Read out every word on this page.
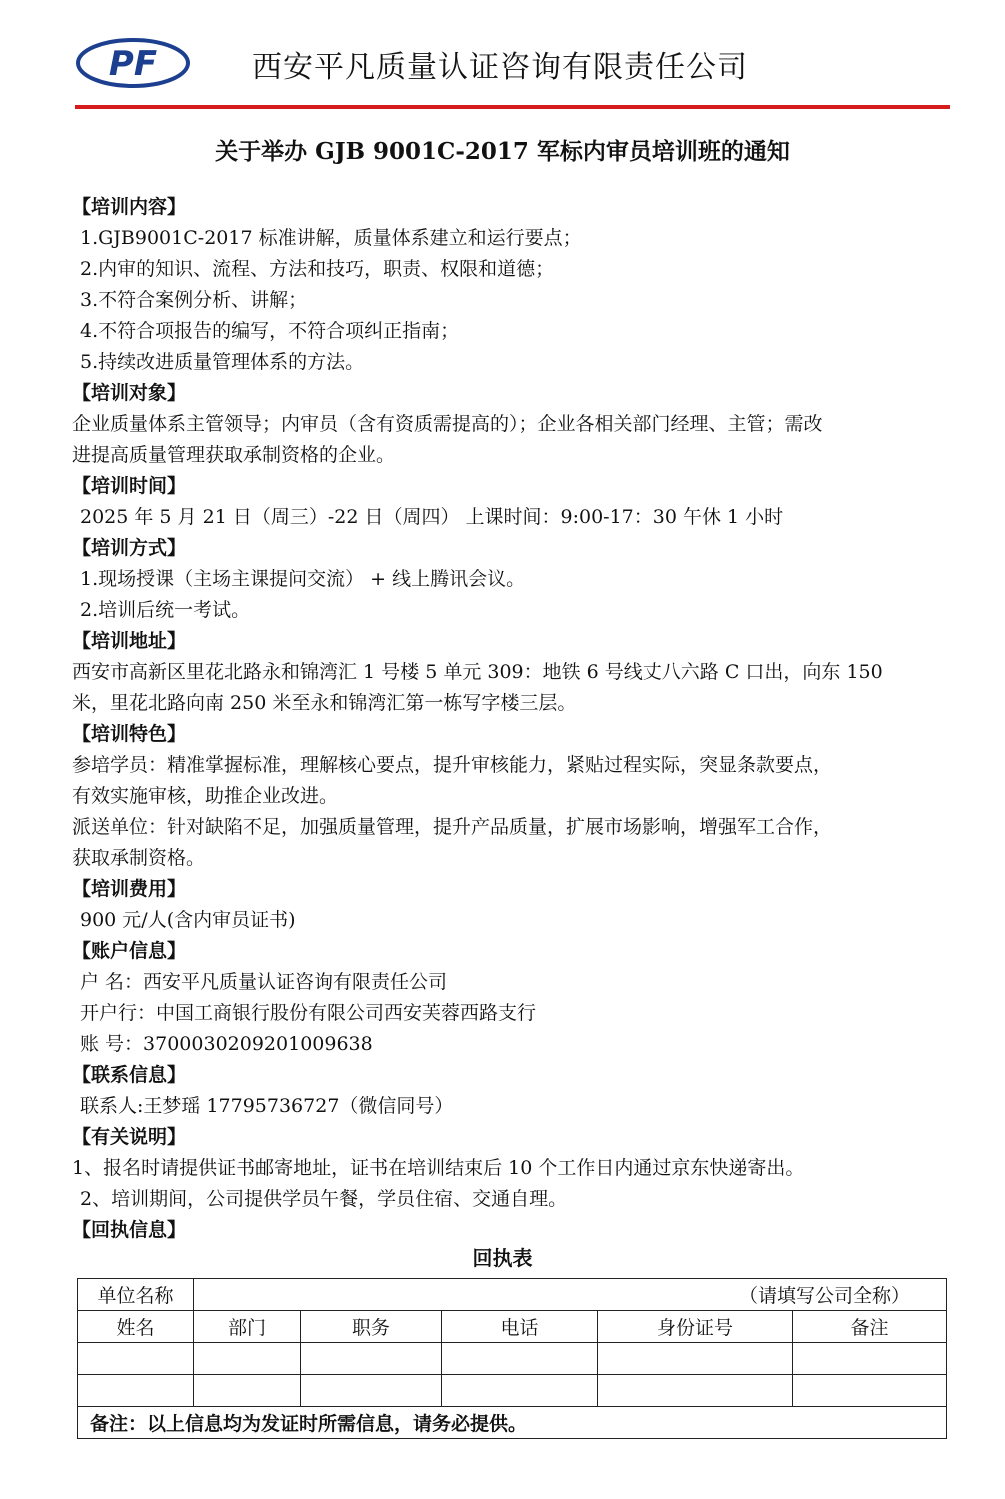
PF	西安平凡质量认证咨询有限责任公司
关于举办 GJB 9001C-2017 军标内审员培训班的通知
【培训内容】
1.GJB9001C-2017 标准讲解，质量体系建立和运行要点；
2.内审的知识、流程、方法和技巧，职责、权限和道德；
3.不符合案例分析、讲解；
4.不符合项报告的编写，不符合项纠正指南；
5.持续改进质量管理体系的方法。
【培训对象】
企业质量体系主管领导；内审员（含有资质需提高的）；企业各相关部门经理、主管；需改
进提高质量管理获取承制资格的企业。
【培训时间】
2025 年 5 月 21 日（周三）-22 日（周四） 上课时间：9:00-17：30 午休 1 小时
【培训方式】
1.现场授课（主场主课提问交流） + 线上腾讯会议。
2.培训后统一考试。
【培训地址】
西安市高新区里花北路永和锦湾汇 1 号楼 5 单元 309：地铁 6 号线丈八六路 C 口出，向东 150
米，里花北路向南 250 米至永和锦湾汇第一栋写字楼三层。
【培训特色】
参培学员：精准掌握标准，理解核心要点，提升审核能力，紧贴过程实际，突显条款要点，
有效实施审核，助推企业改进。
派送单位：针对缺陷不足，加强质量管理，提升产品质量，扩展市场影响，增强军工合作，
获取承制资格。
【培训费用】
900 元/人(含内审员证书)
【账户信息】
户 名：西安平凡质量认证咨询有限责任公司
开户行：中国工商银行股份有限公司西安芙蓉西路支行
账 号：3700030209201009638
【联系信息】
联系人:王梦瑶 17795736727（微信同号）
【有关说明】
1、报名时请提供证书邮寄地址，证书在培训结束后 10 个工作日内通过京东快递寄出。
2、培训期间，公司提供学员午餐，学员住宿、交通自理。
【回执信息】
回执表
单位名称	（请填写公司全称）				
姓名	部门	职务	电话	身份证号	备注

备注：以上信息均为发证时所需信息，请务必提供。					
